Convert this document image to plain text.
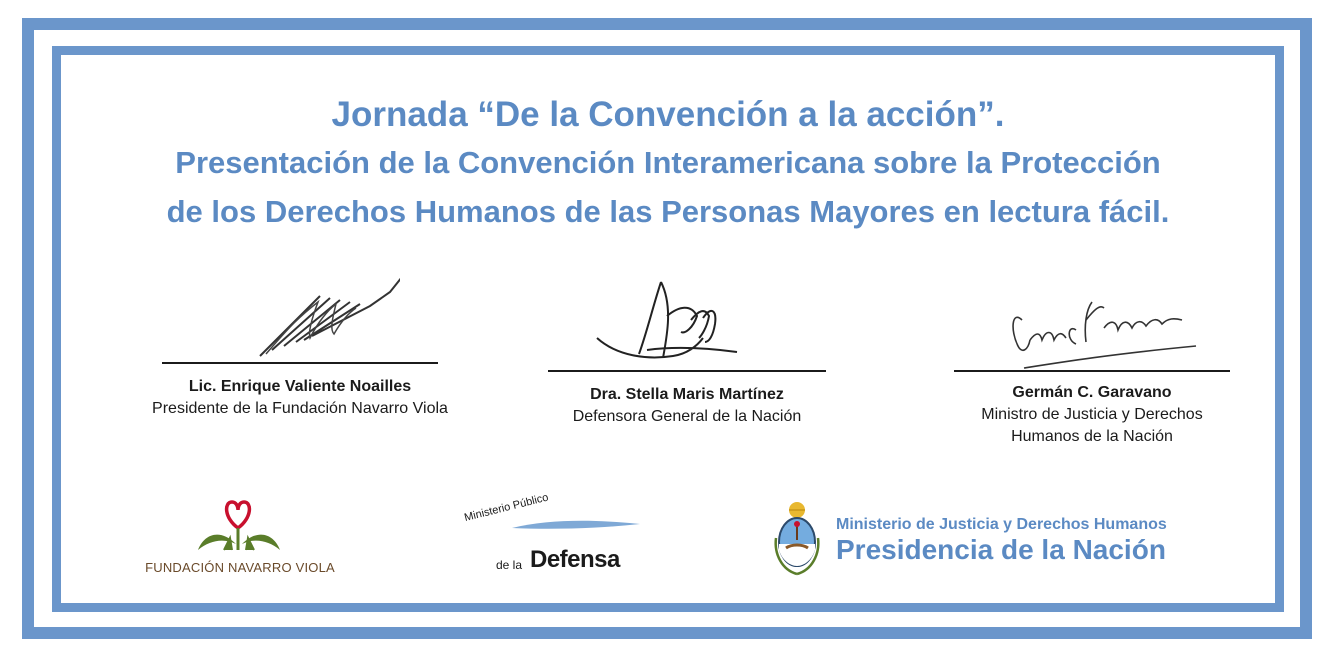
Jornada “De la Convención a la acción”.
Presentación de la Convención Interamericana sobre la Protección
de los Derechos Humanos de las Personas Mayores en lectura fácil.
Lic. Enrique Valiente Noailles
Presidente de la Fundación Navarro Viola
Dra. Stella Maris Martínez
Defensora General de la Nación
Germán C. Garavano
Ministro de Justicia y Derechos
Humanos de la Nación
FUNDACIÓN NAVARRO VIOLA
Ministerio Público
de la Defensa
Ministerio de Justicia y Derechos Humanos
Presidencia de la Nación
